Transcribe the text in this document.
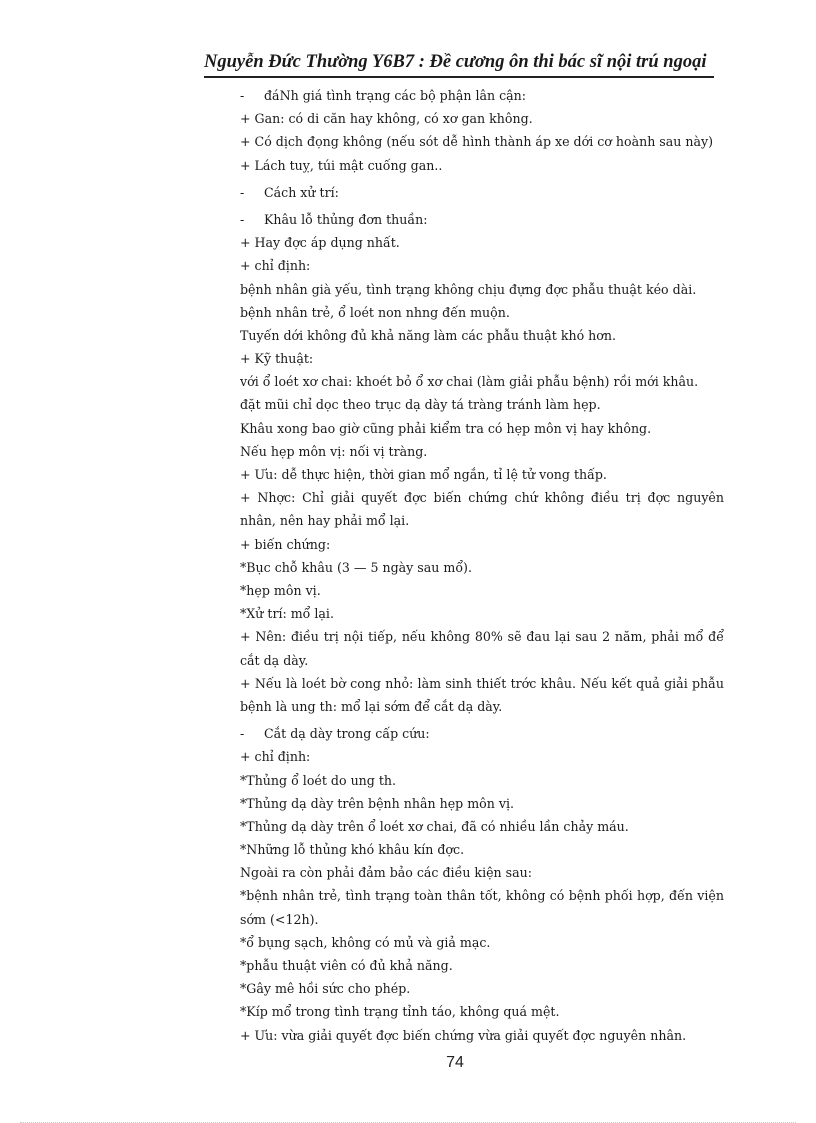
Nguyễn Đức Thường Y6B7 : Đề cương ôn thi bác sĩ nội trú ngoại
- đáNh giá tình trạng các bộ phận lân cận:
+ Gan: có di căn hay không, có xơ gan không.
+ Có dịch đọng không (nếu sót dễ hình thành áp xe dới cơ hoành sau này)
+ Lách tuỵ, túi mật cuống gan..
- Cách xử trí:
- Khâu lỗ thủng đơn thuần:
+ Hay đợc áp dụng nhất.
+ chỉ định:
bệnh nhân già yếu, tình trạng không chịu đựng đợc phẫu thuật kéo dài.
bệnh nhân trẻ, ổ loét non nhng đến muộn.
Tuyến dới không đủ khả năng làm các phẫu thuật khó hơn.
+ Kỹ thuật:
với ổ loét xơ chai: khoét bỏ ổ xơ chai (làm giải phẫu bệnh) rồi mới khâu.
đặt mũi chỉ dọc theo trục dạ dày tá tràng tránh làm hẹp.
Khâu xong bao giờ cũng phải kiểm tra có hẹp môn vị hay không.
Nếu hẹp môn vị: nối vị tràng.
+ Ưu: dễ thực hiện, thời gian mổ ngắn, tỉ lệ tử vong thấp.
+ Nhợc: Chỉ giải quyết đợc biến chứng chứ không điều trị đợc nguyên nhân, nên hay phải mổ lại.
+ biến chứng:
*Bục chỗ khâu (3 — 5 ngày sau mổ).
*hẹp môn vị.
*Xử trí: mổ lại.
+ Nên: điều trị nội tiếp, nếu không 80% sẽ đau lại sau 2 năm, phải mổ để cắt dạ dày.
+ Nếu là loét bờ cong nhỏ: làm sinh thiết trớc khâu. Nếu kết quả giải phẫu bệnh là ung th: mổ lại sớm để cắt dạ dày.
- Cắt dạ dày trong cấp cứu:
+ chỉ định:
*Thủng ổ loét do ung th.
*Thủng dạ dày trên bệnh nhân hẹp môn vị.
*Thủng dạ dày trên ổ loét xơ chai, đã có nhiều lần chảy máu.
*Những lỗ thủng khó khâu kín đợc.
Ngoài ra còn phải đảm bảo các điều kiện sau:
*bệnh nhân trẻ, tình trạng toàn thân tốt, không có bệnh phối hợp, đến viện sớm (<12h).
*ổ bụng sạch, không có mủ và giả mạc.
*phẫu thuật viên có đủ khả năng.
*Gây mê hồi sức cho phép.
*Kíp mổ trong tình trạng tỉnh táo, không quá mệt.
+ Ưu: vừa giải quyết đợc biến chứng vừa giải quyết đợc nguyên nhân.
74
